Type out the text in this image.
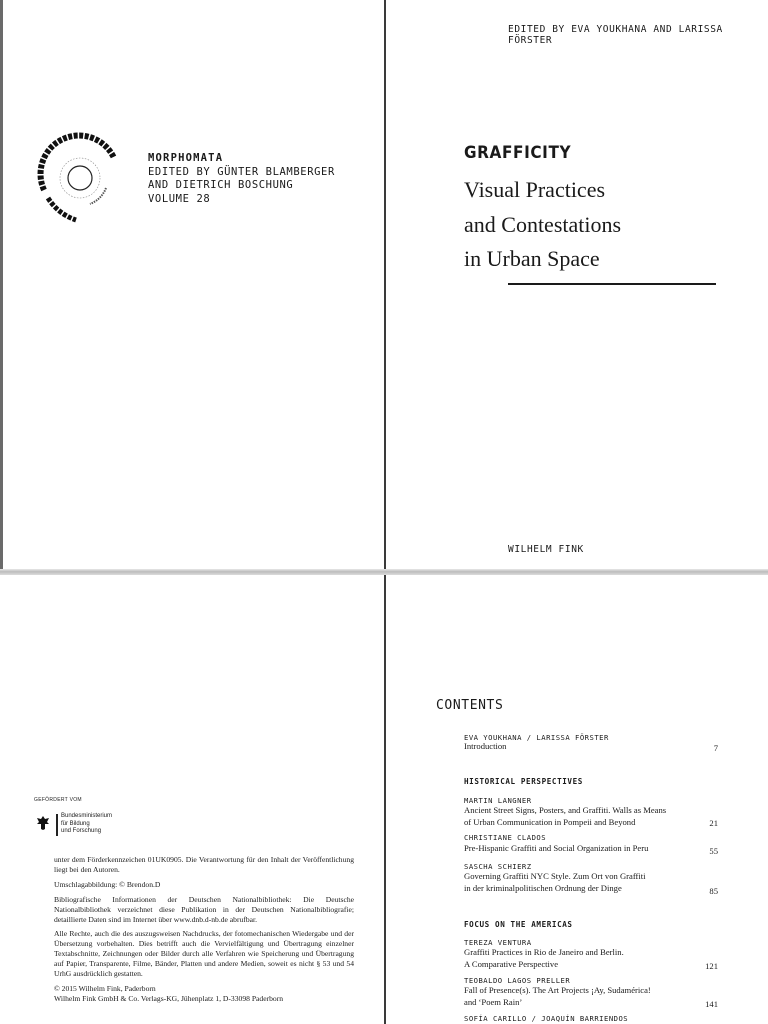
MORPHOMATA
EDITED BY GÜNTER BLAMBERGER
AND DIETRICH BOSCHUNG
VOLUME 28
EDITED BY EVA YOUKHANA AND LARISSA FÖRSTER
GRAFFICITY
Visual Practices
and Contestations
in Urban Space
WILHELM FINK
GEFÖRDERT VOM
Bundesministerium
für Bildung
und Forschung

unter dem Förderkennzeichen 01UK0905. Die Verantwortung für den Inhalt der Veröffentlichung liegt bei den Autoren.

Umschlagabbildung: © Brendon.D

Bibliografische Informationen der Deutschen Nationalbibliothek: Die Deutsche Nationalbibliothek verzeichnet diese Publikation in der Deutschen Nationalbibliografie; detaillierte Daten sind im Internet über www.dnb.d-nb.de abrufbar.

Alle Rechte, auch die des auszugsweisen Nachdrucks, der fotomechanischen Wiedergabe und der Übersetzung vorbehalten. Dies betrifft auch die Vervielfältigung und Übertragung einzelner Textabschnitte, Zeichnungen oder Bilder durch alle Verfahren wie Speicherung und Übertragung auf Papier, Transparente, Filme, Bänder, Platten und andere Medien, soweit es nicht § 53 und 54 UrhG ausdrücklich gestatten.

© 2015 Wilhelm Fink, Paderborn
Wilhelm Fink GmbH & Co. Verlags-KG, Jühenplatz 1, D-33098 Paderborn
CONTENTS
EVA YOUKHANA / LARISSA FÖRSTER
Introduction	7
HISTORICAL PERSPECTIVES
MARTIN LANGNER
Ancient Street Signs, Posters, and Graffiti. Walls as Means
of Urban Communication in Pompeii and Beyond	21
CHRISTIANE CLADOS
Pre-Hispanic Graffiti and Social Organization in Peru	55
SASCHA SCHIERZ
Governing Graffiti NYC Style. Zum Ort von Graffiti
in der kriminalpolitischen Ordnung der Dinge	85
FOCUS ON THE AMERICAS
TEREZA VENTURA
Graffiti Practices in Rio de Janeiro and Berlin.
A Comparative Perspective	121
TEOBALDO LAGOS PRELLER
Fall of Presence(s). The Art Projects ¡Ay, Sudamérica!
and ‘Poem Rain’	141
SOFÍA CARILLO / JOAQUÍN BARRIENDOS
